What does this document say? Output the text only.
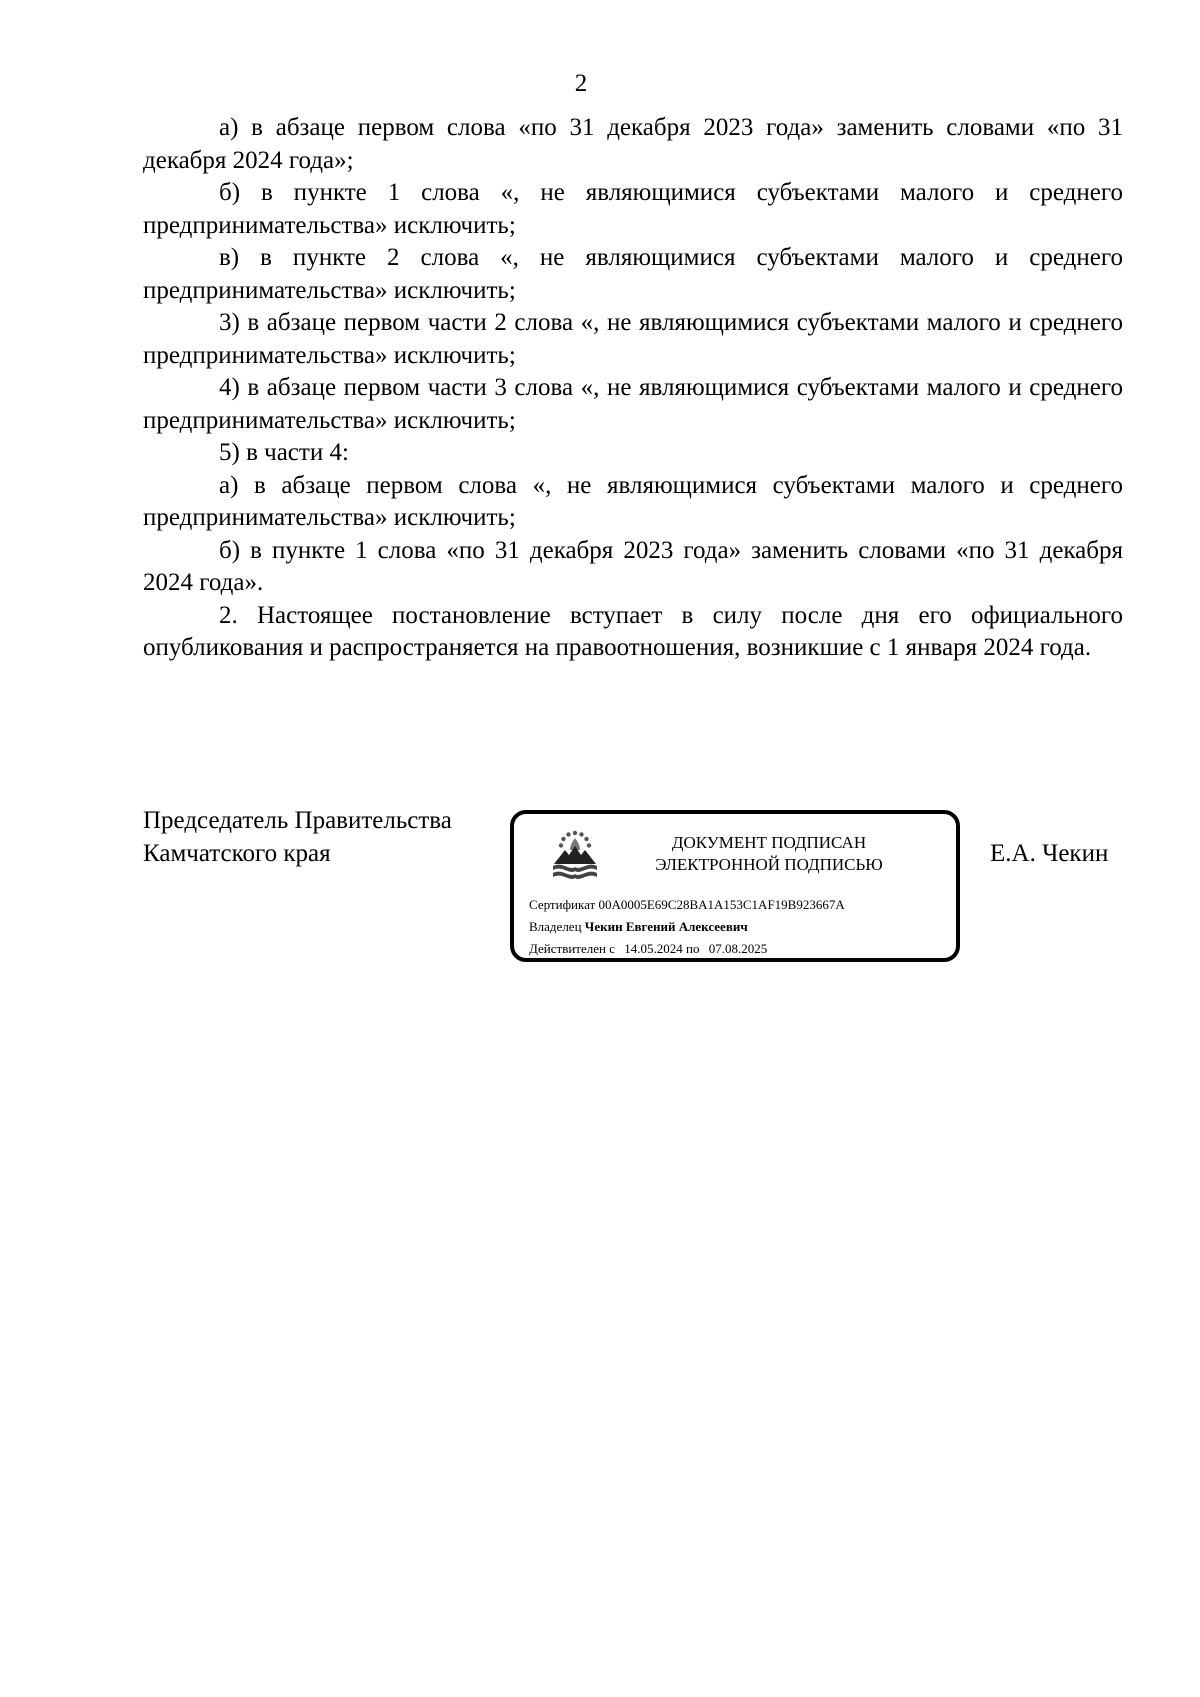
2

а) в абзаце первом слова «по 31 декабря 2023 года» заменить словами «по 31 декабря 2024 года»;

б) в пункте 1 слова «, не являющимися субъектами малого и среднего предпринимательства» исключить;

в) в пункте 2 слова «, не являющимися субъектами малого и среднего предпринимательства» исключить;

3) в абзаце первом части 2 слова «, не являющимися субъектами малого и среднего предпринимательства» исключить;

4) в абзаце первом части 3 слова «, не являющимися субъектами малого и среднего предпринимательства» исключить;

5) в части 4:

а) в абзаце первом слова «, не являющимися субъектами малого и среднего предпринимательства» исключить;

б) в пункте 1 слова «по 31 декабря 2023 года» заменить словами «по 31 декабря 2024 года».

2. Настоящее постановление вступает в силу после дня его официального опубликования и распространяется на правоотношения, возникшие с 1 января 2024 года.

Председатель Правительства
Камчатского края	ДОКУМЕНТ ПОДПИСАН
ЭЛЕКТРОННОЙ ПОДПИСЬЮ
Сертификат 00A0005E69C28BA1A153C1AF19B923667A
Владелец Чекин Евгений Алексеевич
Действителен с 14.05.2024 по 07.08.2025
Е.А. Чекин
